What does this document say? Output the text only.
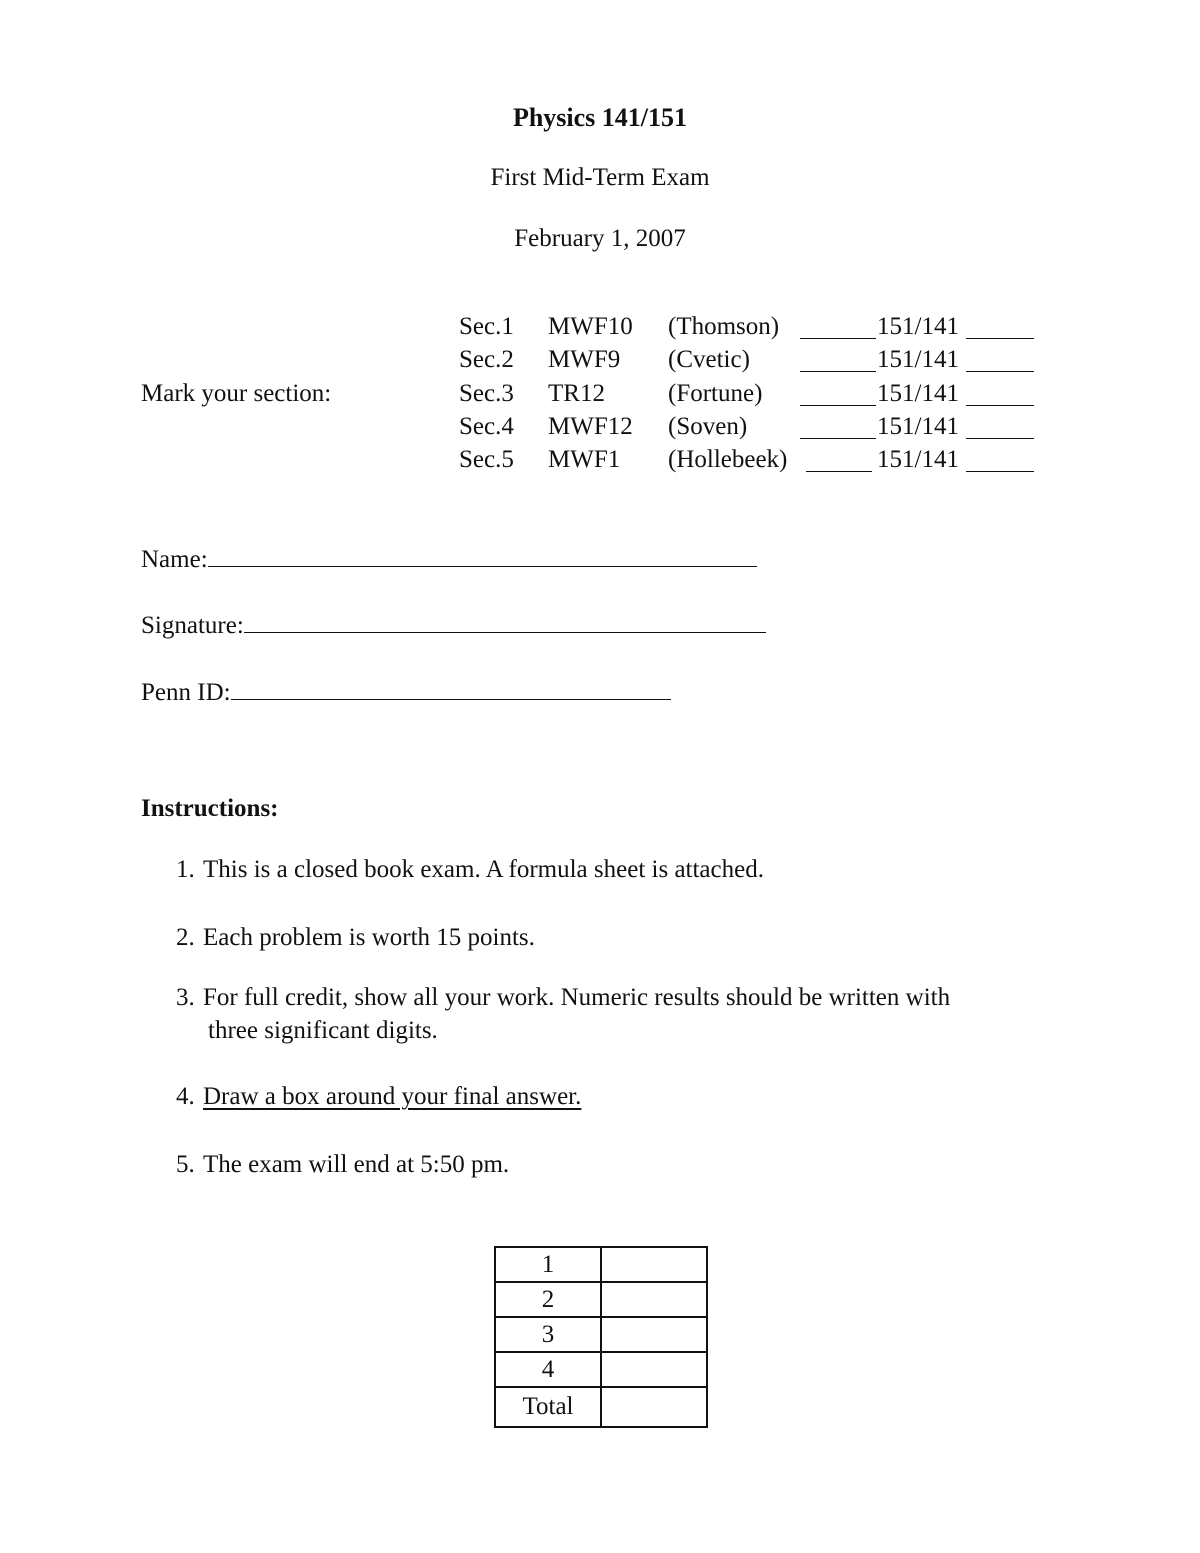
Physics 141/151
First Mid-Term Exam
February 1, 2007
Mark your section:
Sec.1 MWF10 (Thomson)	151/141
Sec.2 MWF9 (Cvetic)	151/141
Sec.3 TR12	(Fortune)	151/141
Sec.4 MWF12 (Soven)	151/141
Sec.5 MWF1 (Hollebeek)	151/141
Name:
Signature:
Penn ID:
Instructions:
1. This is a closed book exam. A formula sheet is attached.
2. Each problem is worth 15 points.
3. For full credit, show all your work. Numeric results should be written with
three significant digits.
4. Draw a box around your final answer.
5. The exam will end at 5:50 pm.
1	
2	
3	
4	
Total	
